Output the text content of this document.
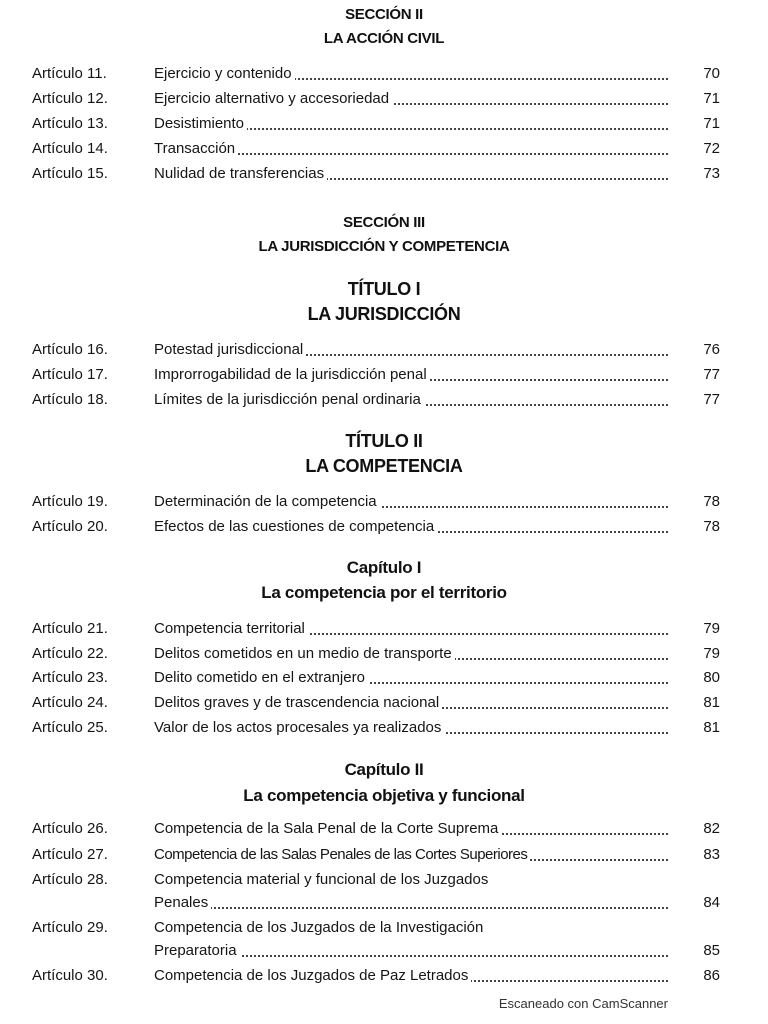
SECCIÓN II
LA ACCIÓN CIVIL
Artículo 11.	Ejercicio y contenido	70
Artículo 12.	Ejercicio alternativo y accesoriedad	71
Artículo 13.	Desistimiento	71
Artículo 14.	Transacción	72
Artículo 15.	Nulidad de transferencias	73
SECCIÓN III
LA JURISDICCIÓN Y COMPETENCIA
TÍTULO I
LA JURISDICCIÓN
Artículo 16.	Potestad jurisdiccional	76
Artículo 17.	Improrrogabilidad de la jurisdicción penal	77
Artículo 18.	Límites de la jurisdicción penal ordinaria	77
TÍTULO II
LA COMPETENCIA
Artículo 19.	Determinación de la competencia	78
Artículo 20.	Efectos de las cuestiones de competencia	78
Capítulo I
La competencia por el territorio
Artículo 21.	Competencia territorial	79
Artículo 22.	Delitos cometidos en un medio de transporte	79
Artículo 23.	Delito cometido en el extranjero	80
Artículo 24.	Delitos graves y de trascendencia nacional	81
Artículo 25.	Valor de los actos procesales ya realizados	81
Capítulo II
La competencia objetiva y funcional
Artículo 26.	Competencia de la Sala Penal de la Corte Suprema	82
Artículo 27.	Competencia de las Salas Penales de las Cortes Superiores	83
Artículo 28.	Competencia material y funcional de los Juzgados
Penales	84
Artículo 29.	Competencia de los Juzgados de la Investigación
Preparatoria	85
Artículo 30.	Competencia de los Juzgados de Paz Letrados	86
Escaneado con CamScanner
